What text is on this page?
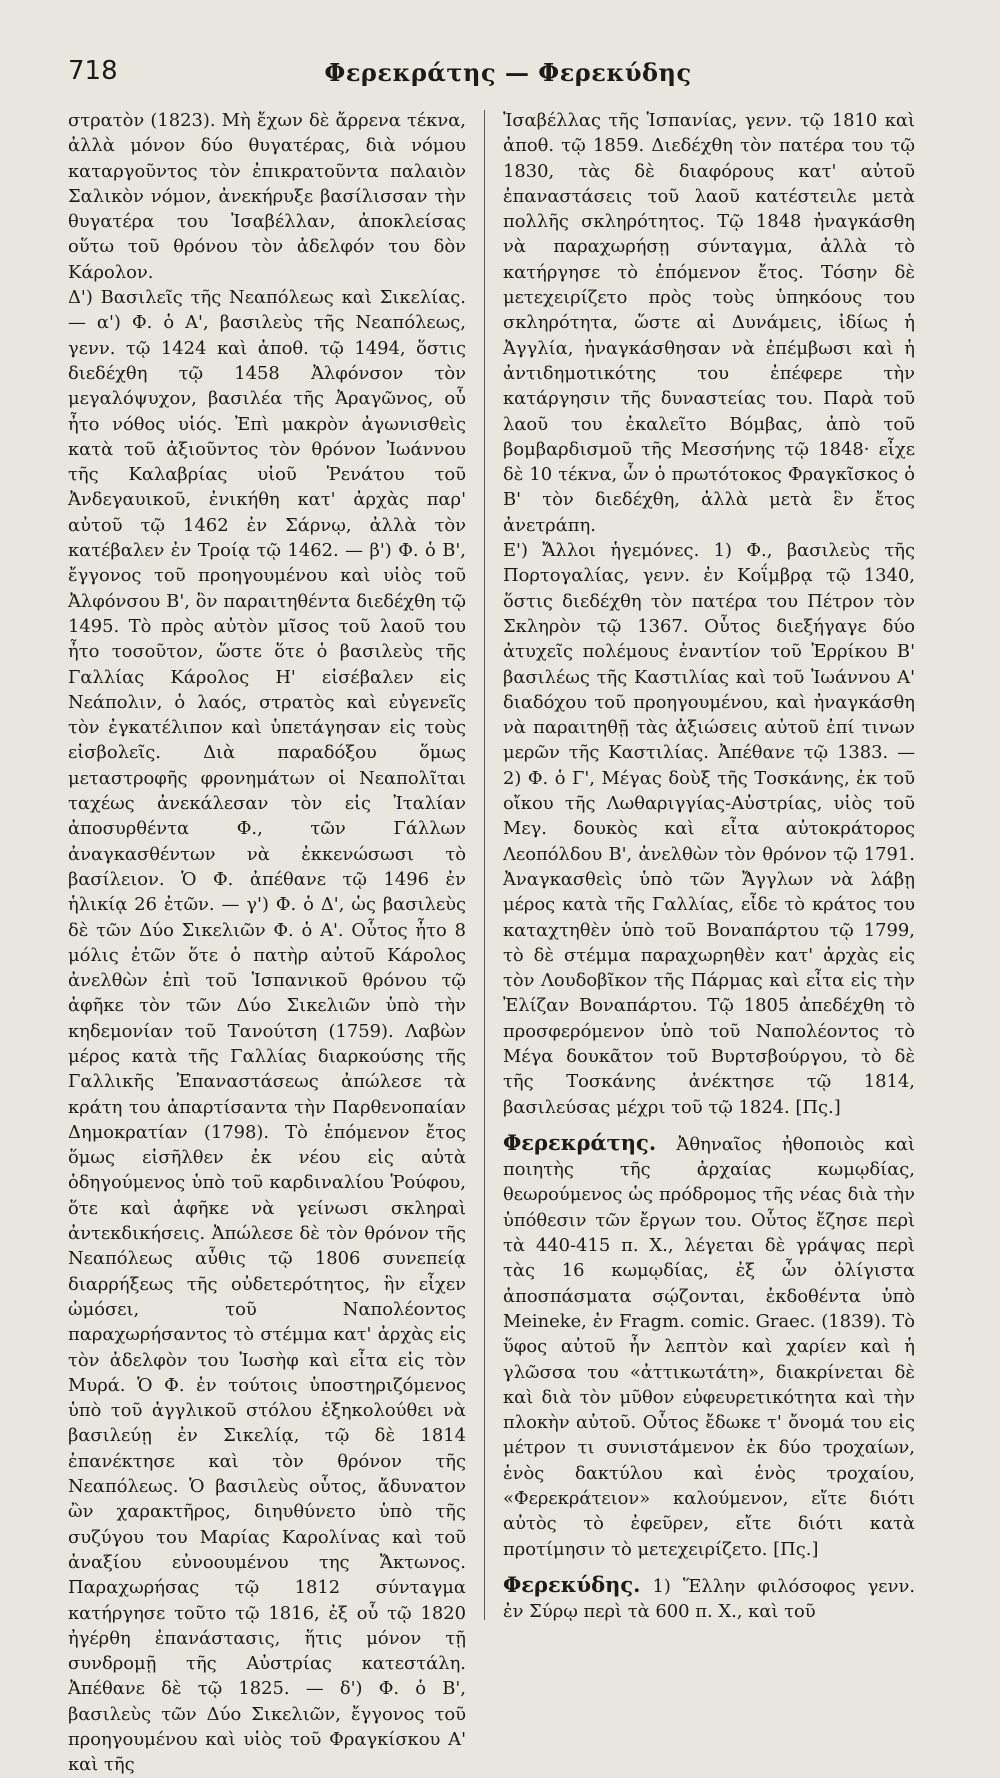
718	Φερεκράτης — Φερεκύδης

στρατὸν (1823). Μὴ ἔχων δὲ ἄρρενα τέκνα, ἀλλὰ μόνον δύο θυγατέρας, διὰ νόμου καταργοῦντος τὸν ἐπικρατοῦντα παλαιὸν Σαλικὸν νόμον, ἀνεκήρυξε βασίλισσαν τὴν θυγατέρα του Ἰσαβέλλαν, ἀποκλείσας οὕτω τοῦ θρόνου τὸν ἀδελφόν του δὸν Κάρολον.

Δ') Βασιλεῖς τῆς Νεαπόλεως καὶ Σικελίας. — α') Φ. ὁ Α', βασιλεὺς τῆς Νεαπόλεως, γενν. τῷ 1424 καὶ ἀποθ. τῷ 1494, ὅστις διεδέχθη τῷ 1458 Ἀλφόνσον τὸν μεγαλόψυχον, βασιλέα τῆς Ἀραγῶνος, οὗ ἦτο νόθος υἱός. Ἐπὶ μακρὸν ἀγωνισθεὶς κατὰ τοῦ ἀξιοῦντος τὸν θρόνον Ἰωάννου τῆς Καλαβρίας υἱοῦ Ῥενάτου τοῦ Ἀνδεγαυικοῦ, ἐνικήθη κατ' ἀρχὰς παρ' αὐτοῦ τῷ 1462 ἐν Σάρνῳ, ἀλλὰ τὸν κατέβαλεν ἐν Τροίᾳ τῷ 1462. — β') Φ. ὁ Β', ἔγγονος τοῦ προηγουμένου καὶ υἱὸς τοῦ Ἀλφόνσου Β', ὃν παραιτηθέντα διεδέχθη τῷ 1495. Τὸ πρὸς αὐτὸν μῖσος τοῦ λαοῦ του ἦτο τοσοῦτον, ὥστε ὅτε ὁ βασιλεὺς τῆς Γαλλίας Κάρολος Η' εἰσέβαλεν εἰς Νεάπολιν, ὁ λαός, στρατὸς καὶ εὐγενεῖς τὸν ἐγκατέλιπον καὶ ὑπετάγησαν εἰς τοὺς εἰσβολεῖς. Διὰ παραδόξου ὅμως μεταστροφῆς φρονημάτων οἱ Νεαπολῖται ταχέως ἀνεκάλεσαν τὸν εἰς Ἰταλίαν ἀποσυρθέντα Φ., τῶν Γάλλων ἀναγκασθέντων νὰ ἐκκενώσωσι τὸ βασίλειον. Ὁ Φ. ἀπέθανε τῷ 1496 ἐν ἡλικίᾳ 26 ἐτῶν. — γ') Φ. ὁ Δ', ὡς βασιλεὺς δὲ τῶν Δύο Σικελιῶν Φ. ὁ Α'. Οὗτος ἦτο 8 μόλις ἐτῶν ὅτε ὁ πατὴρ αὐτοῦ Κάρολος ἀνελθὼν ἐπὶ τοῦ Ἱσπανικοῦ θρόνου τῷ ἀφῆκε τὸν τῶν Δύο Σικελιῶν ὑπὸ τὴν κηδεμονίαν τοῦ Τανούτση (1759). Λαβὼν μέρος κατὰ τῆς Γαλλίας διαρκούσης τῆς Γαλλικῆς Ἐπαναστάσεως ἀπώλεσε τὰ κράτη του ἀπαρτίσαντα τὴν Παρθενοπαίαν Δημοκρατίαν (1798). Τὸ ἑπόμενον ἔτος ὅμως εἰσῆλθεν ἐκ νέου εἰς αὐτὰ ὁδηγούμενος ὑπὸ τοῦ καρδιναλίου Ῥούφου, ὅτε καὶ ἀφῆκε νὰ γείνωσι σκληραὶ ἀντεκδικήσεις. Ἀπώλεσε δὲ τὸν θρόνον τῆς Νεαπόλεως αὖθις τῷ 1806 συνεπείᾳ διαρρήξεως τῆς οὐδετερότητος, ἣν εἶχεν ὠμόσει, τοῦ Ναπολέοντος παραχωρήσαντος τὸ στέμμα κατ' ἀρχὰς εἰς τὸν ἀδελφὸν του Ἰωσὴφ καὶ εἶτα εἰς τὸν Μυρά. Ὁ Φ. ἐν τούτοις ὑποστηριζόμενος ὑπὸ τοῦ ἀγγλικοῦ στόλου ἐξηκολούθει νὰ βασιλεύῃ ἐν Σικελίᾳ, τῷ δὲ 1814 ἐπανέκτησε καὶ τὸν θρόνον τῆς Νεαπόλεως. Ὁ βασιλεὺς οὗτος, ἄδυνατον ὢν χαρακτῆρος, διηυθύνετο ὑπὸ τῆς συζύγου του Μαρίας Καρολίνας καὶ τοῦ ἀναξίου εὐνοουμένου της Ἄκτωνος. Παραχωρήσας τῷ 1812 σύνταγμα κατήργησε τοῦτο τῷ 1816, ἐξ οὗ τῷ 1820 ἠγέρθη ἐπανάστασις, ἥτις μόνον τῇ συνδρομῇ τῆς Αὐστρίας κατεστάλη. Ἀπέθανε δὲ τῷ 1825. — δ') Φ. ὁ Β', βασιλεὺς τῶν Δύο Σικελιῶν, ἔγγονος τοῦ προηγουμένου καὶ υἱὸς τοῦ Φραγκίσκου Α' καὶ τῆς

Ἰσαβέλλας τῆς Ἱσπανίας, γενν. τῷ 1810 καὶ ἀποθ. τῷ 1859. Διεδέχθη τὸν πατέρα του τῷ 1830, τὰς δὲ διαφόρους κατ' αὐτοῦ ἐπαναστάσεις τοῦ λαοῦ κατέστειλε μετὰ πολλῆς σκληρότητος. Τῷ 1848 ἠναγκάσθη νὰ παραχωρήσῃ σύνταγμα, ἀλλὰ τὸ κατήργησε τὸ ἑπόμενον ἔτος. Τόσην δὲ μετεχειρίζετο πρὸς τοὺς ὑπηκόους του σκληρότητα, ὥστε αἱ Δυνάμεις, ἰδίως ἡ Ἀγγλία, ἠναγκάσθησαν νὰ ἐπέμβωσι καὶ ἡ ἀντιδημοτικότης του ἐπέφερε τὴν κατάργησιν τῆς δυναστείας του. Παρὰ τοῦ λαοῦ του ἐκαλεῖτο Βόμβας, ἀπὸ τοῦ βομβαρδισμοῦ τῆς Μεσσήνης τῷ 1848· εἶχε δὲ 10 τέκνα, ὧν ὁ πρωτότοκος Φραγκῖσκος ὁ Β' τὸν διεδέχθη, ἀλλὰ μετὰ ἓν ἔτος ἀνετράπη.

Ε') Ἄλλοι ἡγεμόνες. 1) Φ., βασιλεὺς τῆς Πορτογαλίας, γενν. ἐν Κοΐμβρᾳ τῷ 1340, ὅστις διεδέχθη τὸν πατέρα του Πέτρον τὸν Σκληρὸν τῷ 1367. Οὗτος διεξήγαγε δύο ἀτυχεῖς πολέμους ἐναντίον τοῦ Ἑρρίκου Β' βασιλέως τῆς Καστιλίας καὶ τοῦ Ἰωάννου Α' διαδόχου τοῦ προηγουμένου, καὶ ἠναγκάσθη νὰ παραιτηθῇ τὰς ἀξιώσεις αὐτοῦ ἐπί τινων μερῶν τῆς Καστιλίας. Ἀπέθανε τῷ 1383. — 2) Φ. ὁ Γ', Μέγας δοὺξ τῆς Τοσκάνης, ἐκ τοῦ οἴκου τῆς Λωθαριγγίας-Αὐστρίας, υἱὸς τοῦ Μεγ. δουκὸς καὶ εἶτα αὐτοκράτορος Λεοπόλδου Β', ἀνελθὼν τὸν θρόνον τῷ 1791. Ἀναγκασθεὶς ὑπὸ τῶν Ἄγγλων νὰ λάβῃ μέρος κατὰ τῆς Γαλλίας, εἶδε τὸ κράτος του καταχτηθὲν ὑπὸ τοῦ Βοναπάρτου τῷ 1799, τὸ δὲ στέμμα παραχωρηθὲν κατ' ἀρχὰς εἰς τὸν Λουδοβῖκον τῆς Πάρμας καὶ εἶτα εἰς τὴν Ἐλίζαν Βοναπάρτου. Τῷ 1805 ἀπεδέχθη τὸ προσφερόμενον ὑπὸ τοῦ Ναπολέοντος τὸ Μέγα δουκᾶτον τοῦ Βυρτσβούργου, τὸ δὲ τῆς Τοσκάνης ἀνέκτησε τῷ 1814, βασιλεύσας μέχρι τοῦ τῷ 1824. [Πς.]

Φερεκράτης. Ἀθηναῖος ἠθοποιὸς καὶ ποιητὴς τῆς ἀρχαίας κωμῳδίας, θεωρούμενος ὡς πρόδρομος τῆς νέας διὰ τὴν ὑπόθεσιν τῶν ἔργων του. Οὗτος ἔζησε περὶ τὰ 440-415 π. Χ., λέγεται δὲ γράψας περὶ τὰς 16 κωμῳδίας, ἐξ ὧν ὀλίγιστα ἀποσπάσματα σῴζονται, ἐκδοθέντα ὑπὸ Meineke, ἐν Fragm. comic. Graec. (1839). Τὸ ὕφος αὐτοῦ ἦν λεπτὸν καὶ χαρίεν καὶ ἡ γλῶσσα του «ἀττικωτάτη», διακρίνεται δὲ καὶ διὰ τὸν μῦθον εὐφευρετικότητα καὶ τὴν πλοκὴν αὐτοῦ. Οὗτος ἔδωκε τ' ὄνομά του εἰς μέτρον τι συνιστάμενον ἐκ δύο τροχαίων, ἑνὸς δακτύλου καὶ ἑνὸς τροχαίου, «Φερεκράτειον» καλούμενον, εἴτε διότι αὐτὸς τὸ ἐφεῦρεν, εἴτε διότι κατὰ προτίμησιν τὸ μετεχειρίζετο. [Πς.]

Φερεκύδης. 1) Ἕλλην φιλόσοφος γενν. ἐν Σύρῳ περὶ τὰ 600 π. Χ., καὶ τοῦ
